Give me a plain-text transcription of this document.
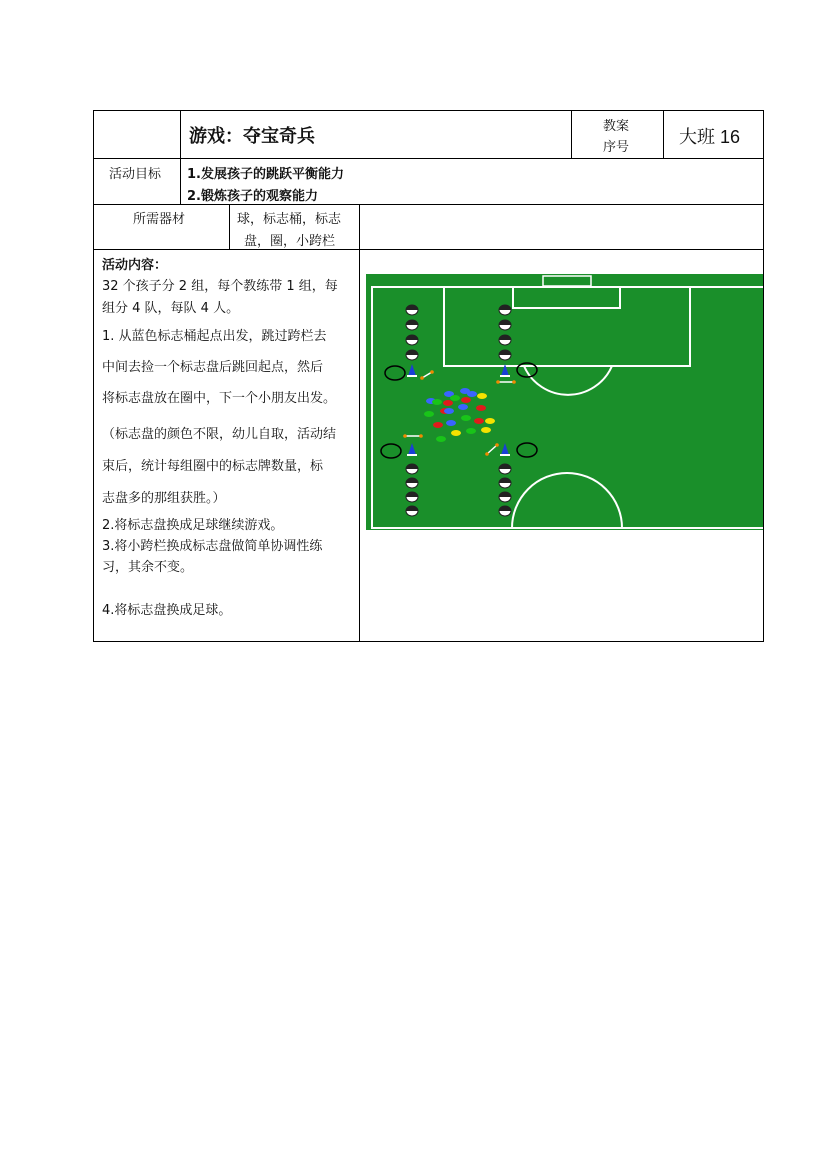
游戏：夺宝奇兵	教案
序号
大班 16
活动目标 1.发展孩子的跳跃平衡能力
2.锻炼孩子的观察能力
所需器材	球，标志桶，标志
盘，圈，小跨栏
活动内容：
32 个孩子分 2 组，每个教练带 1 组，每
组分 4 队，每队 4 人。
1. 从蓝色标志桶起点出发，跳过跨栏去
中间去捡一个标志盘后跳回起点，然后
将标志盘放在圈中，下一个小朋友出发。
（标志盘的颜色不限，幼儿自取，活动结
束后，统计每组圈中的标志牌数量，标
志盘多的那组获胜。）
2.将标志盘换成足球继续游戏。
3.将小跨栏换成标志盘做简单协调性练
习，其余不变。
4.将标志盘换成足球。
